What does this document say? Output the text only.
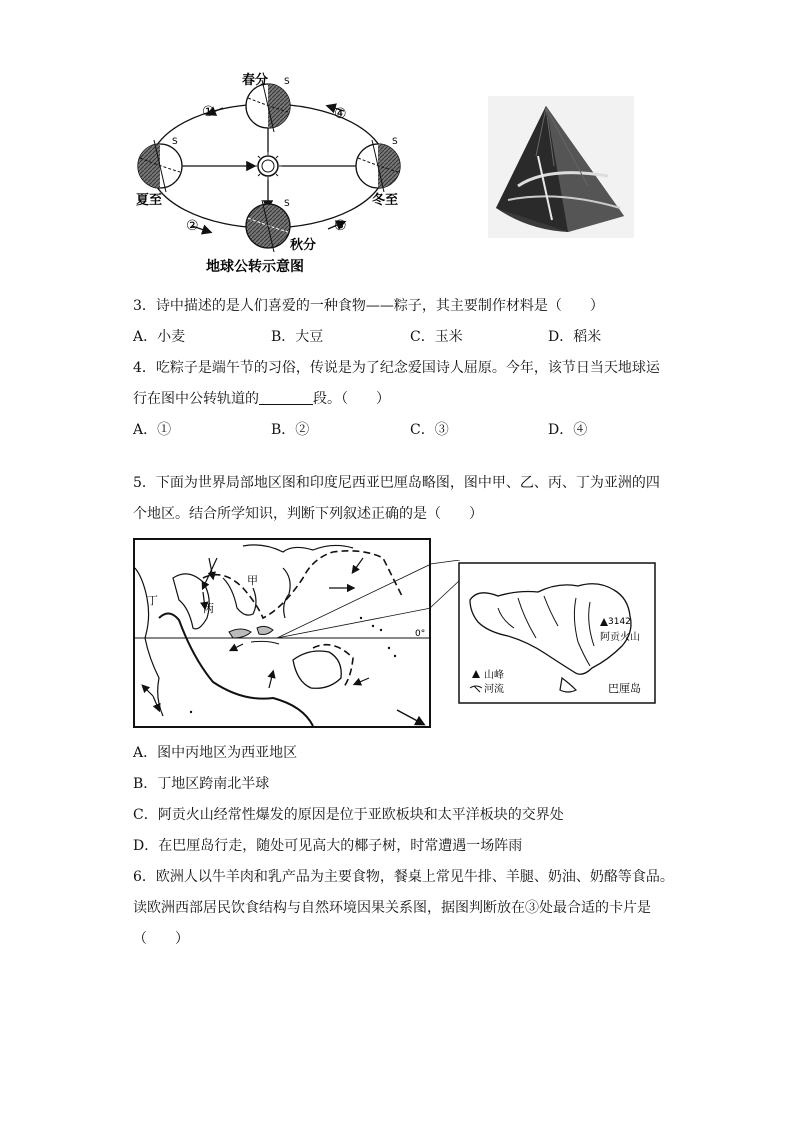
S
S
S	S
春分
夏至
秋分
冬至
①
②	③
④
地球公转示意图
3．诗中描述的是人们喜爱的一种食物——粽子，其主要制作材料是（　　）
A．小麦	B．大豆	C．玉米	D．稻米
4．吃粽子是端午节的习俗，传说是为了纪念爱国诗人屈原。今年，该节日当天地球运
行在图中公转轨道的	段。（　　）
A．①	B．②	C．③	D．④
5．下面为世界局部地区图和印度尼西亚巴厘岛略图，图中甲、乙、丙、丁为亚洲的四
个地区。结合所学知识，判断下列叙述正确的是（　　）
甲
丁
丙
0°
3142
阿贡火山
山峰
河流	巴厘岛
A．图中丙地区为西亚地区
B．丁地区跨南北半球
C．阿贡火山经常性爆发的原因是位于亚欧板块和太平洋板块的交界处
D．在巴厘岛行走，随处可见高大的椰子树，时常遭遇一场阵雨
6．欧洲人以牛羊肉和乳产品为主要食物，餐桌上常见牛排、羊腿、奶油、奶酪等食品。
读欧洲西部居民饮食结构与自然环境因果关系图，据图判断放在③处最合适的卡片是
（　　）
